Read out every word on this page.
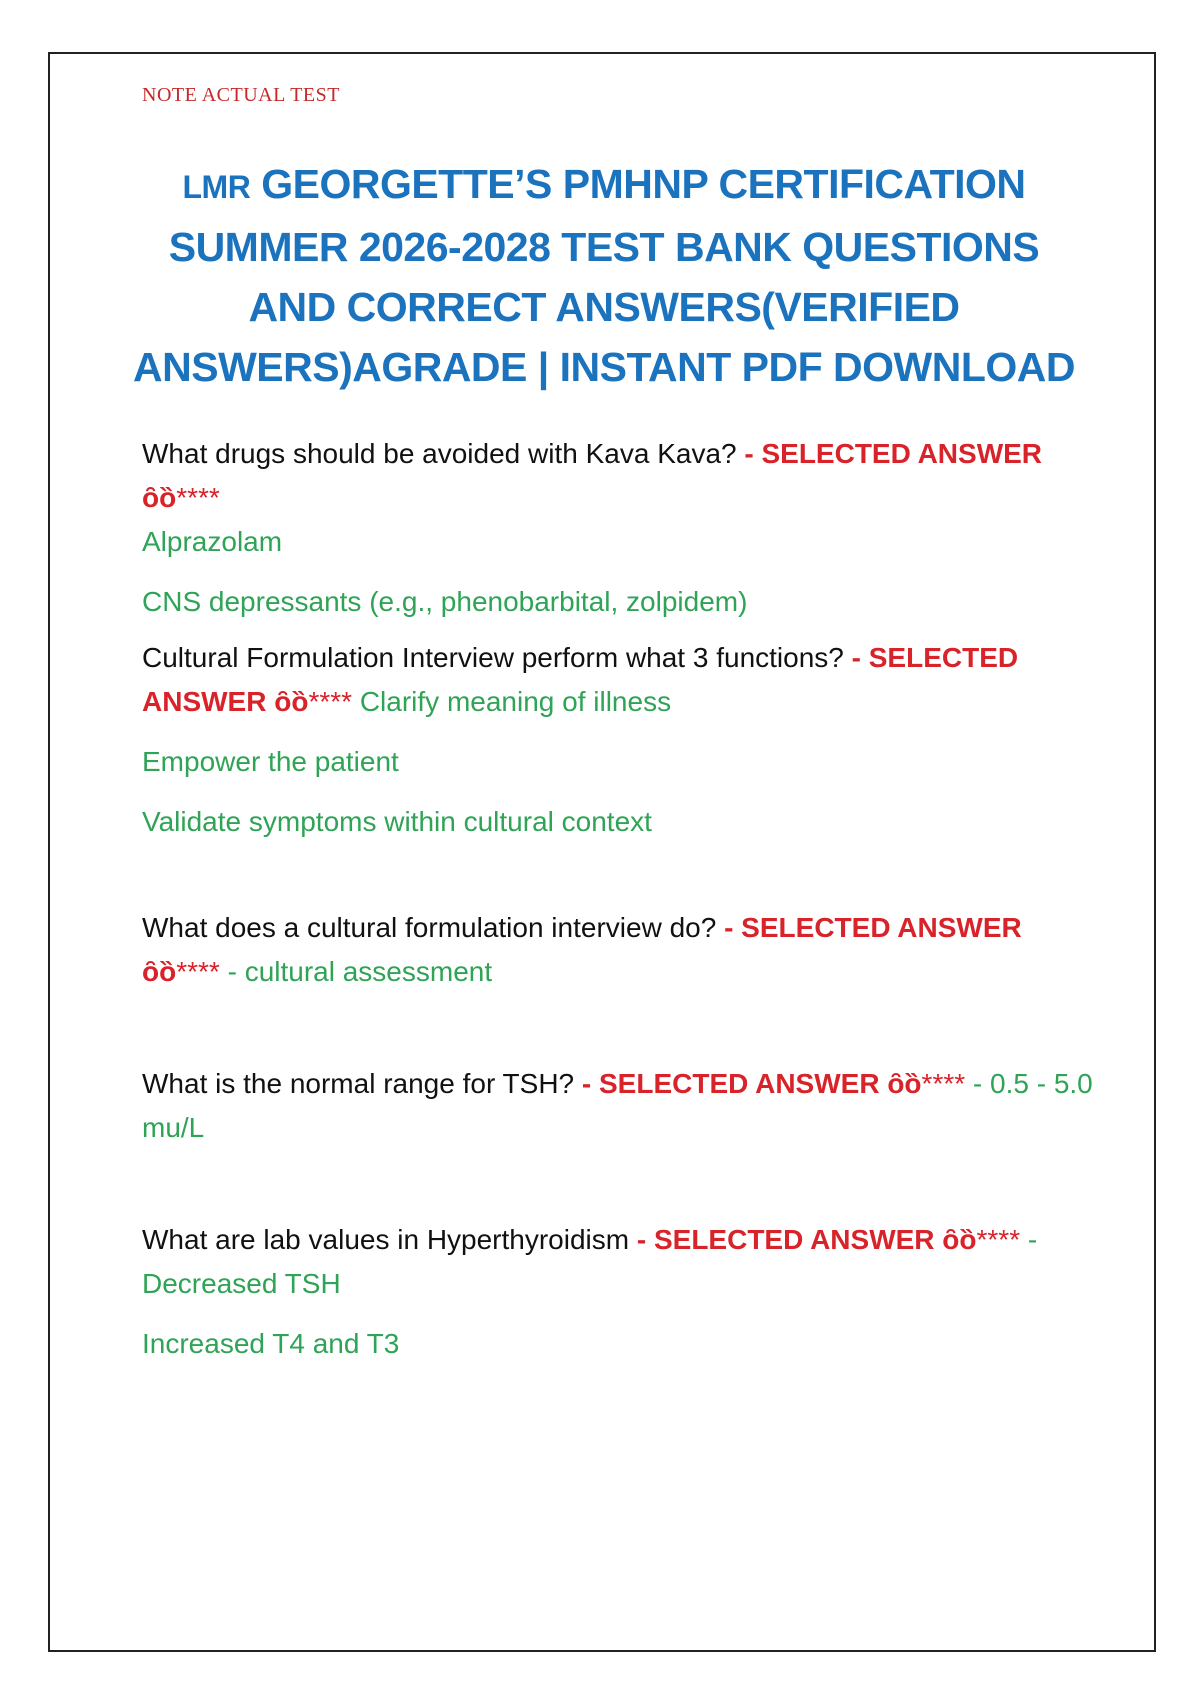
NOTE ACTUAL TEST
LMR GEORGETTE’S PMHNP CERTIFICATION SUMMER 2026-2028 TEST BANK QUESTIONS AND CORRECT ANSWERS(VERIFIED ANSWERS)AGRADE | INSTANT PDF DOWNLOAD
What drugs should be avoided with Kava Kava? - SELECTED ANSWER ȏȍ****
Alprazolam
CNS depressants (e.g., phenobarbital, zolpidem)
Cultural Formulation Interview perform what 3 functions? - SELECTED
ANSWER ȏȍ**** Clarify meaning of illness
Empower the patient
Validate symptoms within cultural context
What does a cultural formulation interview do? - SELECTED ANSWER ȏȍ**** - cultural assessment
What is the normal range for TSH? - SELECTED ANSWER ȏȍ**** - 0.5 - 5.0 mu/L
What are lab values in Hyperthyroidism - SELECTED ANSWER ȏȍ**** - Decreased TSH
Increased T4 and T3
